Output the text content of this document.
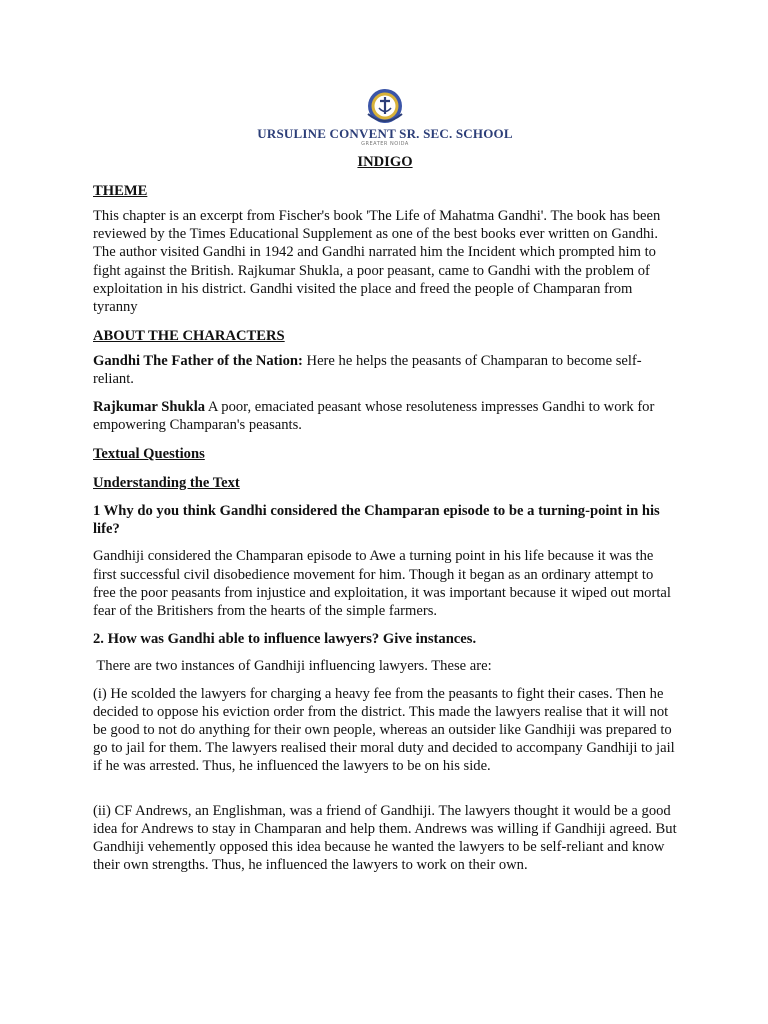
URSULINE CONVENT SR. SEC. SCHOOL
GREATER NOIDA
INDIGO
THEME

This chapter is an excerpt from Fischer's book 'The Life of Mahatma Gandhi'. The book has been reviewed by the Times Educational Supplement as one of the best books ever written on Gandhi. The author visited Gandhi in 1942 and Gandhi narrated him the Incident which prompted him to fight against the British. Rajkumar Shukla, a poor peasant, came to Gandhi with the problem of exploitation in his district. Gandhi visited the place and freed the people of Champaran from tyranny

ABOUT THE CHARACTERS

Gandhi The Father of the Nation: Here he helps the peasants of Champaran to become self-reliant.

Rajkumar Shukla A poor, emaciated peasant whose resoluteness impresses Gandhi to work for empowering Champaran's peasants.

Textual Questions
Understanding the Text

1 Why do you think Gandhi considered the Champaran episode to be a turning-point in his life?

Gandhiji considered the Champaran episode to Awe a turning point in his life because it was the first successful civil disobedience movement for him. Though it began as an ordinary attempt to free the poor peasants from injustice and exploitation, it was important because it wiped out mortal fear of the Britishers from the hearts of the simple farmers.

2. How was Gandhi able to influence lawyers? Give instances.

There are two instances of Gandhiji influencing lawyers. These are:

(i) He scolded the lawyers for charging a heavy fee from the peasants to fight their cases. Then he decided to oppose his eviction order from the district. This made the lawyers realise that it will not be good to not do anything for their own people, whereas an outsider like Gandhiji was prepared to go to jail for them. The lawyers realised their moral duty and decided to accompany Gandhiji to jail if he was arrested. Thus, he influenced the lawyers to be on his side.

(ii) CF Andrews, an Englishman, was a friend of Gandhiji. The lawyers thought it would be a good idea for Andrews to stay in Champaran and help them. Andrews was willing if Gandhiji agreed. But Gandhiji vehemently opposed this idea because he wanted the lawyers to be self-reliant and know their own strengths. Thus, he influenced the lawyers to work on their own.
